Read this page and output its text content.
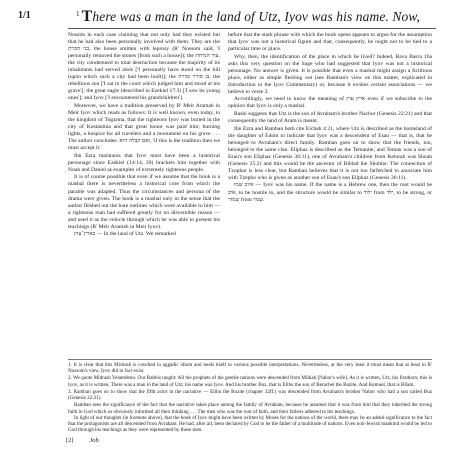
1/1	$^1$ There was a man in the land of Utz, Iyov was his name. Now,

Nossim in each case claiming that not only had they existed but that he had also been personally involved with them. They are the בני הכרת, the house smitten with leprosy (R' Nossom said, 'I personally removed the stones [from such a house]); the עיר הנדחת, the city condemned to total destruction because the majority of its inhabitants had served idols ['I personally have stood on the hill (upon which such a city had been built)]; the בן סורר ומורה, the rebellious son ['I sat in the court which judged him and stood at his grave']; the great eagle (described in Ezekiel 17:3) ['I saw its young ones']; and Iyov ['I encountered his grandchildren'].

Moreover, we have a tradition preserved by R' Meir Aramah in Meir Iyov which reads as follows: It is well known, even today, in the kingdom of Togarma, that the righteous Iyov was buried in the city of Kostantina and that great honor was paid him; burning lights, a hospice for all travelers and a monument on his grave . . . The author concludes: ואם קבלה היא, 'if this is the tradition then we must accept it.'

Ibn Ezra maintains that Iyov must have been a historical personage since Ezekiel (14:14, 20) brackets him together with Noah and Daniel as examples of extremely righteous people.

It is of course possible that even if we assume that the book is a mashal there is nevertheless a historical core from which the parable was adapted. Thus the circumstances and persona of the drama were given. The book is a mashal only in the sense that the author fleshed out the bare outlines which were available to him — a righteous man had suffered greatly for no discernible reason — and used it as the vehicle through which he was able to present his teachings (R' Meir Aramah in Meir Iyov).

בארץ־עוץ — In the land of Utz. We remarked

before that the stark phrase with which the book opens appears to argue for the assumption that Iyov was not a historical figure and that, consequently, he ought not to be tied to a particular time or place.

Why, then, the identification of the place in which he lived? Indeed, Bava Basra 16a asks this very question on the Sage who had suggested that Iyov was not a historical personage. No answer is given. It is possible that even a mashal might assign a fictitious place, either as simple fleshing out (see Ramban's view on this matter, explicated in Introduction to the Iyov Commentary) or, because it evokes certain associations — we believe to verse 3.

Accordingly, we need to know the meaning of ארץ עוץ even if we subscribe to the opinion that Iyov is only a mashal.

Rashi suggests that Utz is the son of Avraham's brother Nachor (Genesis 22:21) and that consequently the land of Aram is meant.

Ibn Ezra and Ramban both cite Eichah 4:21, where Utz is described as the homeland of the daughter of Edom to indicate that Iyov was a descendent of Esau — that is, that he belonged to Avraham's direct family. Ramban goes on to show that the friends, too, belonged to the same clan. Eliphaz is described as the Temanite, and Teman was a son of Esau's son Eliphaz (Genesis 36:11), one of Avraham's children from Keturah was Shuah (Genesis 25:2) and this would be the ancestor of Bildad the Shuhite. The connection of Tzophar is less clear, but Ramban believes that it is not too farfetched to associate him with Tzepho who is given as another son of Esau's son Eliphaz (Genesis 36:11).

איוב שמו — Iyov was his name. If the name is a Hebrew one, then the root would be איב, to be hostile to, and the structure would be similar to ילוד from ילד, to be strong, or שמור from שמר.

1. It is clear that this Midrash is couched in aggadic idiom and lends itself to various possible interpretations. Nevertheless, at the very least it must mean that at least in R' Nossom's view, Iyov did in fact exist.

2. We quote Midrash Yelamdenu. Our Rabbis taught: All the prophets of the gentile nations were descended from Milkah [Nahor's wife]. As it is written, Utz, his firstborn; this is Iyov, as it is written, There was a man in the land of Utz; his name was Iyov. And his brother Buz, that is Elihu the son of Berachel the Buzite. And Kemuel, that is Bilam.

3. Ramban goes on to show that the fifth actor in the narrative — Elihu the Buzite (chapter 32ff.) was descended from Avraham's brother Nahor who had a son called Buz (Genesis 22:21).

Ramban sees the significance of the fact that the narrative takes place among the family of Avraham, because he assumes that it was from him that they inherited the strong faith in God which so obviously informed all their thinking . . . The men who was the root of faith, and their fathers adhered to his teachings.

In light of our thoughts (in footnote above), that the book of Iyov might have been written by Moses for the nations of the world, there may be an added significance to the fact that the protagonists are all descended from Avraham. He had, after all, been declared by God to be the father of a multitude of nations. Even non-Jewish mankind would be led to God through his teachings as they were represented by these men.

[2]	Job
